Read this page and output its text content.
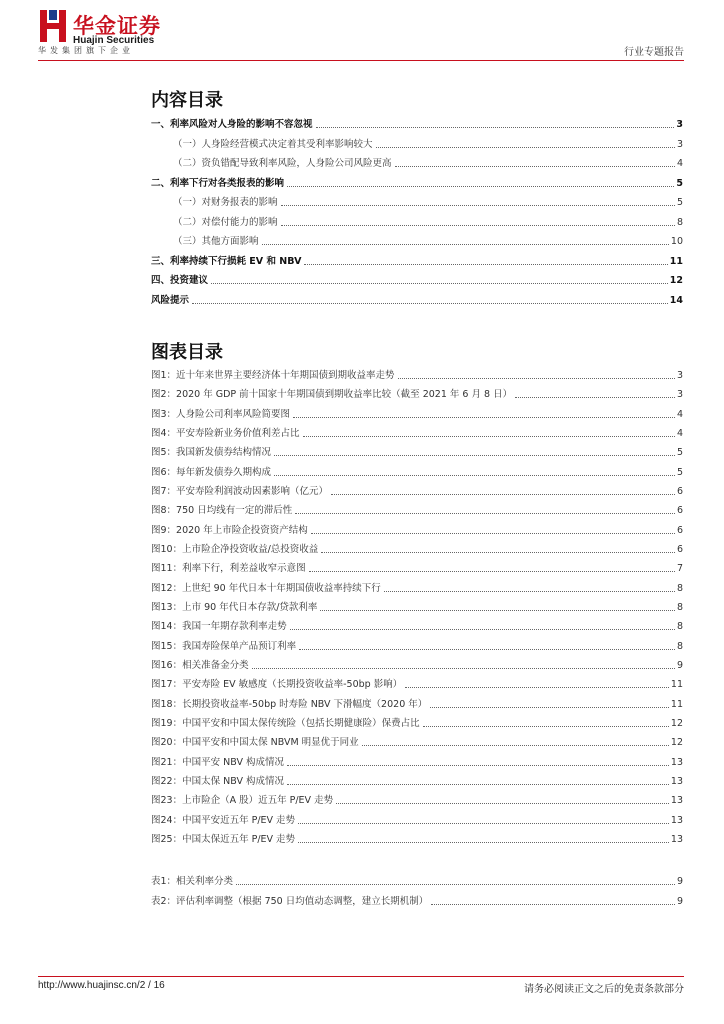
华金证券
Huajin Securities
华发集团旗下企业	行业专题报告
内容目录
一、利率风险对人身险的影响不容忽视	3
（一）人身险经营模式决定着其受利率影响较大	3
（二）资负错配导致利率风险，人身险公司风险更高	4
二、利率下行对各类报表的影响	5
（一）对财务报表的影响	5
（二）对偿付能力的影响	8
（三）其他方面影响	10
三、利率持续下行损耗 EV 和 NBV	11
四、投资建议	12
风险提示	14
图表目录
图1：近十年来世界主要经济体十年期国债到期收益率走势	3
图2：2020 年 GDP 前十国家十年期国债到期收益率比较（截至 2021 年 6 月 8 日）	3
图3：人身险公司利率风险简要图	4
图4：平安寿险新业务价值利差占比	4
图5：我国新发债券结构情况	5
图6：每年新发债券久期构成	5
图7：平安寿险利润波动因素影响（亿元）	6
图8：750 日均线有一定的滞后性	6
图9：2020 年上市险企投资资产结构	6
图10：上市险企净投资收益/总投资收益	6
图11：利率下行，利差益收窄示意图	7
图12：上世纪 90 年代日本十年期国债收益率持续下行	8
图13：上市 90 年代日本存款/贷款利率	8
图14：我国一年期存款利率走势	8
图15：我国寿险保单产品预订利率	8
图16：相关准备金分类	9
图17：平安寿险 EV 敏感度（长期投资收益率-50bp 影响）	11
图18：长期投资收益率-50bp 时寿险 NBV 下滑幅度（2020 年）	11
图19：中国平安和中国太保传统险（包括长期健康险）保费占比	12
图20：中国平安和中国太保 NBVM 明显优于同业	12
图21：中国平安 NBV 构成情况	13
图22：中国太保 NBV 构成情况	13
图23：上市险企（A 股）近五年 P/EV 走势	13
图24：中国平安近五年 P/EV 走势	13
图25：中国太保近五年 P/EV 走势	13
表1：相关利率分类	9
表2：评估利率调整（根据 750 日均值动态调整，建立长期机制）	9
http://www.huajinsc.cn/2 / 16	请务必阅读正文之后的免责条款部分
